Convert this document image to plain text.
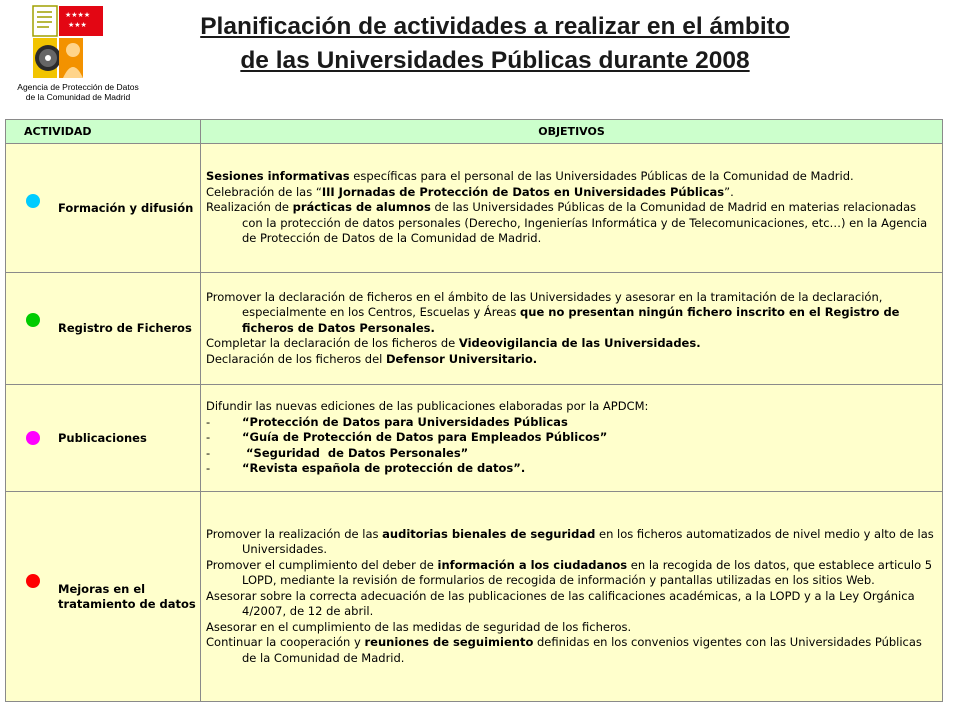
★★★★
★★★
Agencia de Protección de Datos
de la Comunidad de Madrid
Planificación de actividades a realizar en el ámbito
de las Universidades Públicas durante 2008
ACTIVIDAD	OBJETIVOS

Formación y difusión	Sesiones informativas específicas para el personal de las Universidades Públicas de la Comunidad de Madrid.
Celebración de las “III Jornadas de Protección de Datos en Universidades Públicas”.
Realización de prácticas de alumnos de las Universidades Públicas de la Comunidad de Madrid en materias relacionadas con la protección de datos personales (Derecho, Ingenierías Informática y de Telecomunicaciones, etc…) en la Agencia de Protección de Datos de la Comunidad de Madrid.

Registro de Ficheros	Promover la declaración de ficheros en el ámbito de las Universidades y asesorar en la tramitación de la declaración, especialmente en los Centros, Escuelas y Áreas que no presentan ningún fichero inscrito en el Registro de ficheros de Datos Personales.
Completar la declaración de los ficheros de Videovigilancia de las Universidades.
Declaración de los ficheros del Defensor Universitario.

Publicaciones	Difundir las nuevas ediciones de las publicaciones elaboradas por la APDCM:
- “Protección de Datos para Universidades Públicas
- “Guía de Protección de Datos para Empleados Públicos”
- “Seguridad  de Datos Personales”
- “Revista española de protección de datos”.

Mejoras en el tratamiento de datos	Promover la realización de las auditorias bienales de seguridad en los ficheros automatizados de nivel medio y alto de las Universidades.
Promover el cumplimiento del deber de información a los ciudadanos en la recogida de los datos, que establece articulo 5 LOPD, mediante la revisión de formularios de recogida de información y pantallas utilizadas en los sitios Web.
Asesorar sobre la correcta adecuación de las publicaciones de las calificaciones académicas, a la LOPD y a la Ley Orgánica 4/2007, de 12 de abril.
Asesorar en el cumplimiento de las medidas de seguridad de los ficheros.
Continuar la cooperación y reuniones de seguimiento definidas en los convenios vigentes con las Universidades Públicas de la Comunidad de Madrid.
